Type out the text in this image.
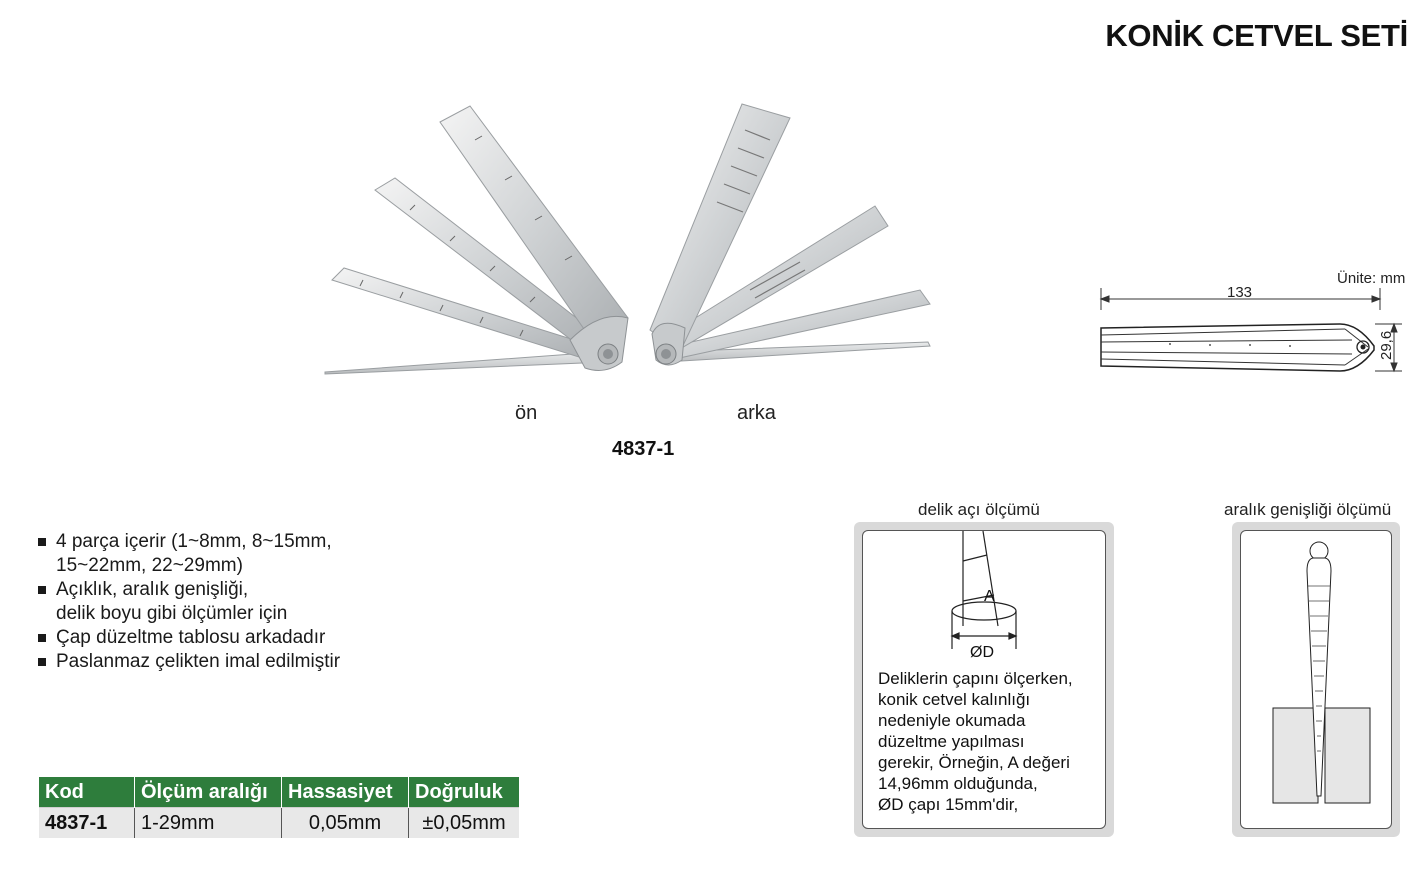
KONİK CETVEL SETİ
ön	arka
4837-1
Ünite: mm
133
29,6
4 parça içerir (1~8mm, 8~15mm,
15~22mm, 22~29mm)
Açıklık, aralık genişliği,
delik boyu gibi ölçümler için
Çap düzeltme tablosu arkadadır
Paslanmaz çelikten imal edilmiştir
Kod	Ölçüm aralığı	Hassasiyet	Doğruluk
4837-1	1-29mm	0,05mm	±0,05mm
delik açı ölçümü
A
ØD
Deliklerin çapını ölçerken,
konik cetvel kalınlığı
nedeniyle okumada
düzeltme yapılması
gerekir, Örneğin, A değeri
14,96mm olduğunda,
ØD çapı 15mm'dir,
aralık genişliği ölçümü
